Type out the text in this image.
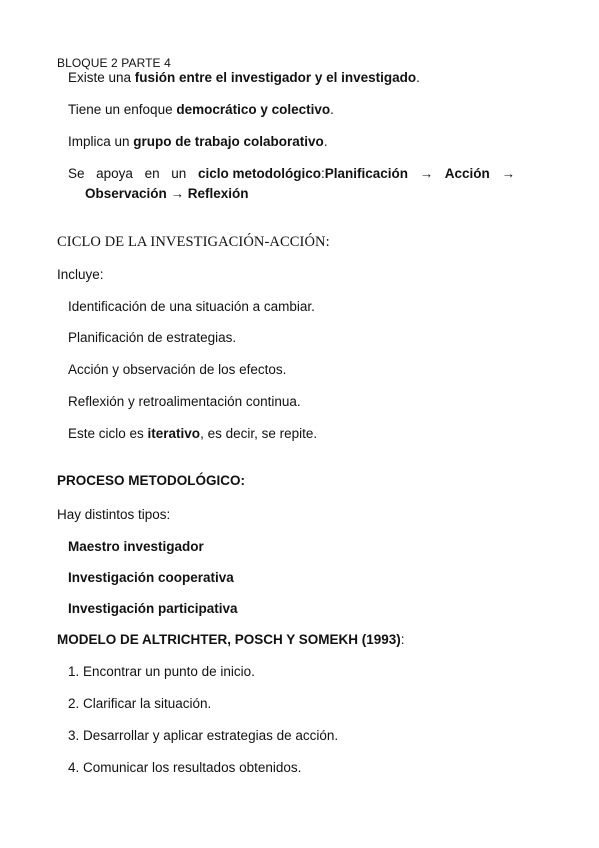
BLOQUE 2 PARTE 4
Existe una fusión entre el investigador y el investigado.
Tiene un enfoque democrático y colectivo.
Implica un grupo de trabajo colaborativo.
Se apoya en un ciclo metodológico:Planificación → Acción →
Observación → Reflexión
CICLO DE LA INVESTIGACIÓN-ACCIÓN:
Incluye:
Identificación de una situación a cambiar.
Planificación de estrategias.
Acción y observación de los efectos.
Reflexión y retroalimentación continua.
Este ciclo es iterativo, es decir, se repite.
PROCESO METODOLÓGICO:
Hay distintos tipos:
Maestro investigador
Investigación cooperativa
Investigación participativa
MODELO DE ALTRICHTER, POSCH Y SOMEKH (1993):
1. Encontrar un punto de inicio.
2. Clarificar la situación.
3. Desarrollar y aplicar estrategias de acción.
4. Comunicar los resultados obtenidos.
